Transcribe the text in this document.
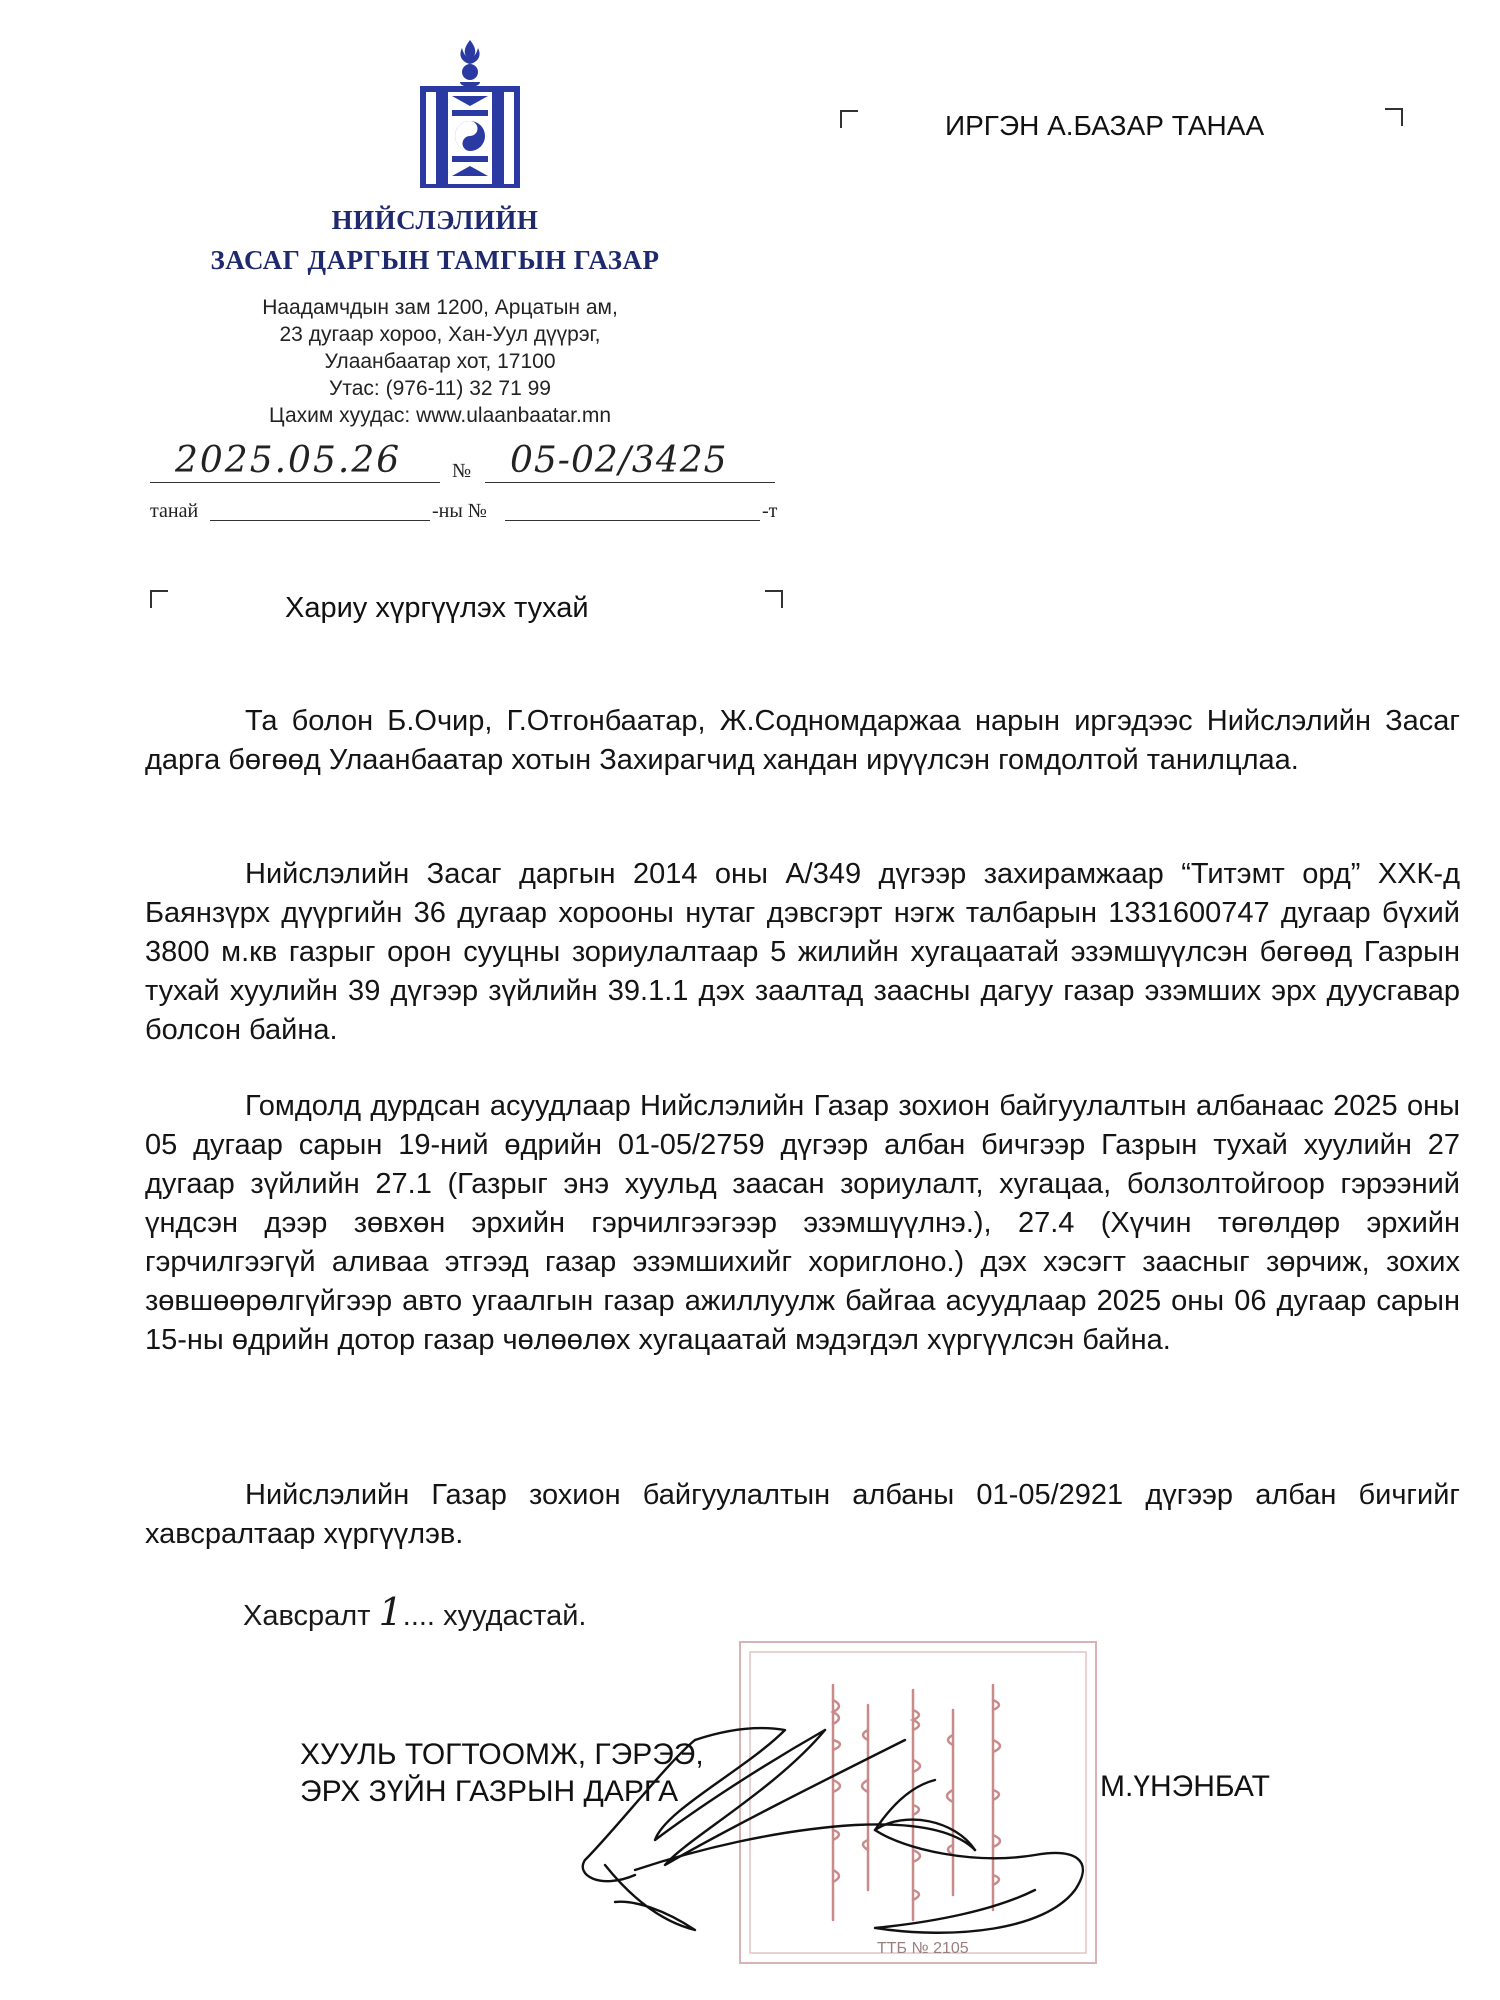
НИЙСЛЭЛИЙН
ЗАСАГ ДАРГЫН ТАМГЫН ГАЗАР
Наадамчдын зам 1200, Арцатын ам,
23 дугаар хороо, Хан-Уул дүүрэг,
Улаанбаатар хот, 17100
Утас: (976-11) 32 71 99
Цахим хуудас: www.ulaanbaatar.mn
ИРГЭН А.БАЗАР ТАНАА
2025.05.26	№ 05-02/3425
танай	-ны №	-т
Хариу хүргүүлэх тухай
Та болон Б.Очир, Г.Отгонбаатар, Ж.Содномдаржаа нарын иргэдээс Нийслэлийн Засаг дарга бөгөөд Улаанбаатар хотын Захирагчид хандан ирүүлсэн гомдолтой танилцлаа.
Нийслэлийн Засаг даргын 2014 оны А/349 дүгээр захирамжаар “Титэмт орд” ХХК-д Баянзүрх дүүргийн 36 дугаар хорооны нутаг дэвсгэрт нэгж талбарын 1331600747 дугаар бүхий 3800 м.кв газрыг орон сууцны зориулалтаар 5 жилийн хугацаатай эзэмшүүлсэн бөгөөд Газрын тухай хуулийн 39 дүгээр зүйлийн 39.1.1 дэх заалтад заасны дагуу газар эзэмших эрх дуусгавар болсон байна.
Гомдолд дурдсан асуудлаар Нийслэлийн Газар зохион байгуулалтын албанаас 2025 оны 05 дугаар сарын 19-ний өдрийн 01-05/2759 дүгээр албан бичгээр Газрын тухай хуулийн 27 дугаар зүйлийн 27.1 (Газрыг энэ хуульд заасан зориулалт, хугацаа, болзолтойгоор гэрээний үндсэн дээр зөвхөн эрхийн гэрчилгээгээр эзэмшүүлнэ.), 27.4 (Хүчин төгөлдөр эрхийн гэрчилгээгүй аливаа этгээд газар эзэмшихийг хориглоно.) дэх хэсэгт заасныг зөрчиж, зохих зөвшөөрөлгүйгээр авто угаалгын газар ажиллуулж байгаа асуудлаар 2025 оны 06 дугаар сарын 15-ны өдрийн дотор газар чөлөөлөх хугацаатай мэдэгдэл хүргүүлсэн байна.
Нийслэлийн Газар зохион байгуулалтын албаны 01-05/2921 дүгээр албан бичгийг хавсралтаар хүргүүлэв.
Хавсралт 1.... хуудастай.
ТТБ № 2105
ХУУЛЬ ТОГТООМЖ, ГЭРЭЭ,
ЭРХ ЗҮЙН ГАЗРЫН ДАРГА	М.ҮНЭНБАТ
